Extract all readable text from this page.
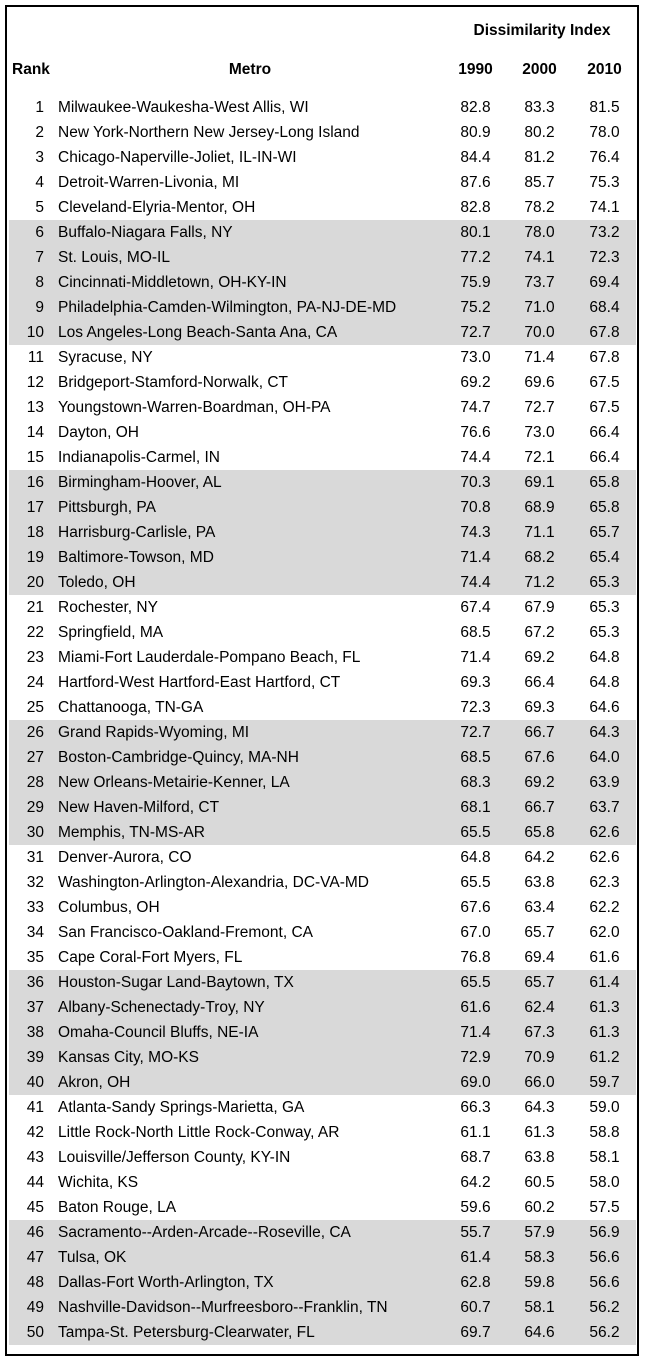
Dissimilarity Index
Rank	Metro	1990	2000	2010
1 Milwaukee-Waukesha-West Allis, WI	82.8	83.3	81.5
2 New York-Northern New Jersey-Long Island	80.9	80.2	78.0
3 Chicago-Naperville-Joliet, IL-IN-WI	84.4	81.2	76.4
4 Detroit-Warren-Livonia, MI	87.6	85.7	75.3
5 Cleveland-Elyria-Mentor, OH	82.8	78.2	74.1
6 Buffalo-Niagara Falls, NY	80.1	78.0	73.2
7 St. Louis, MO-IL	77.2	74.1	72.3
8 Cincinnati-Middletown, OH-KY-IN	75.9	73.7	69.4
9 Philadelphia-Camden-Wilmington, PA-NJ-DE-MD	75.2	71.0	68.4
10 Los Angeles-Long Beach-Santa Ana, CA	72.7	70.0	67.8
11 Syracuse, NY	73.0	71.4	67.8
12 Bridgeport-Stamford-Norwalk, CT	69.2	69.6	67.5
13 Youngstown-Warren-Boardman, OH-PA	74.7	72.7	67.5
14 Dayton, OH	76.6	73.0	66.4
15 Indianapolis-Carmel, IN	74.4	72.1	66.4
16 Birmingham-Hoover, AL	70.3	69.1	65.8
17 Pittsburgh, PA	70.8	68.9	65.8
18 Harrisburg-Carlisle, PA	74.3	71.1	65.7
19 Baltimore-Towson, MD	71.4	68.2	65.4
20 Toledo, OH	74.4	71.2	65.3
21 Rochester, NY	67.4	67.9	65.3
22 Springfield, MA	68.5	67.2	65.3
23 Miami-Fort Lauderdale-Pompano Beach, FL	71.4	69.2	64.8
24 Hartford-West Hartford-East Hartford, CT	69.3	66.4	64.8
25 Chattanooga, TN-GA	72.3	69.3	64.6
26 Grand Rapids-Wyoming, MI	72.7	66.7	64.3
27 Boston-Cambridge-Quincy, MA-NH	68.5	67.6	64.0
28 New Orleans-Metairie-Kenner, LA	68.3	69.2	63.9
29 New Haven-Milford, CT	68.1	66.7	63.7
30 Memphis, TN-MS-AR	65.5	65.8	62.6
31 Denver-Aurora, CO	64.8	64.2	62.6
32 Washington-Arlington-Alexandria, DC-VA-MD	65.5	63.8	62.3
33 Columbus, OH	67.6	63.4	62.2
34 San Francisco-Oakland-Fremont, CA	67.0	65.7	62.0
35 Cape Coral-Fort Myers, FL	76.8	69.4	61.6
36 Houston-Sugar Land-Baytown, TX	65.5	65.7	61.4
37 Albany-Schenectady-Troy, NY	61.6	62.4	61.3
38 Omaha-Council Bluffs, NE-IA	71.4	67.3	61.3
39 Kansas City, MO-KS	72.9	70.9	61.2
40 Akron, OH	69.0	66.0	59.7
41 Atlanta-Sandy Springs-Marietta, GA	66.3	64.3	59.0
42 Little Rock-North Little Rock-Conway, AR	61.1	61.3	58.8
43 Louisville/Jefferson County, KY-IN	68.7	63.8	58.1
44 Wichita, KS	64.2	60.5	58.0
45 Baton Rouge, LA	59.6	60.2	57.5
46 Sacramento--Arden-Arcade--Roseville, CA	55.7	57.9	56.9
47 Tulsa, OK	61.4	58.3	56.6
48 Dallas-Fort Worth-Arlington, TX	62.8	59.8	56.6
49 Nashville-Davidson--Murfreesboro--Franklin, TN	60.7	58.1	56.2
50 Tampa-St. Petersburg-Clearwater, FL	69.7	64.6	56.2
